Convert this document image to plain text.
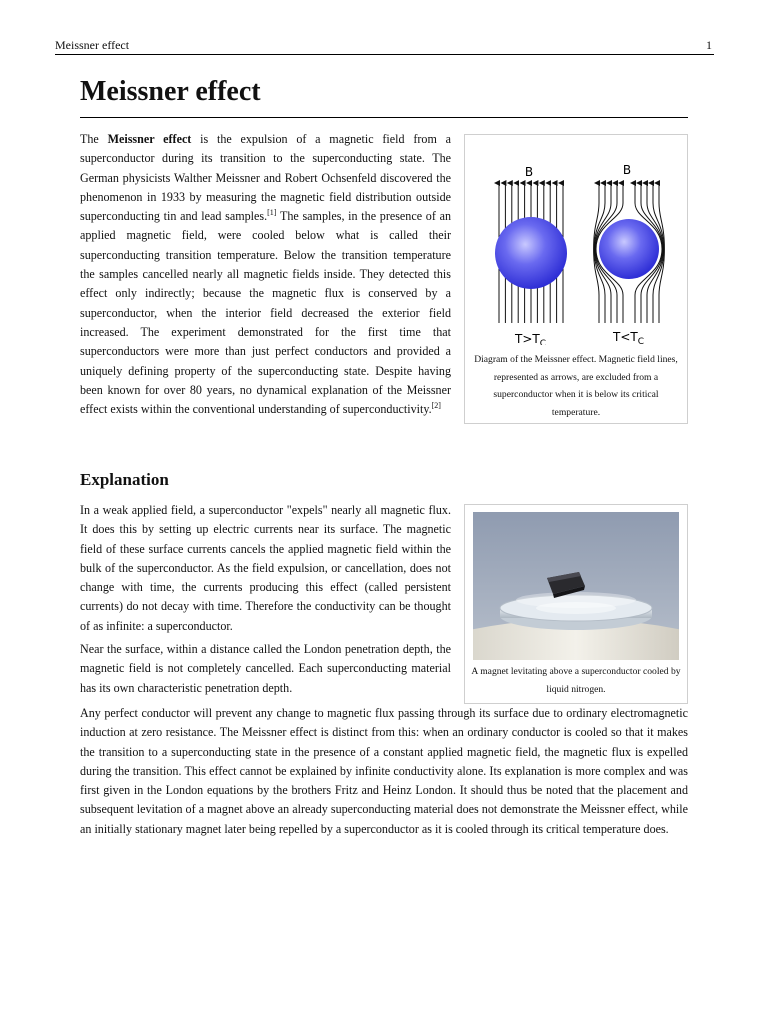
Meissner effect	1
Meissner effect

The Meissner effect is the expulsion of a magnetic field from a superconductor during its transition to the superconducting state. The German physicists Walther Meissner and Robert Ochsenfeld discovered the phenomenon in 1933 by measuring the magnetic field distribution outside superconducting tin and lead samples.[1] The samples, in the presence of an applied magnetic field, were cooled below what is called their superconducting transition temperature. Below the transition temperature the samples cancelled nearly all magnetic fields inside. They detected this effect only indirectly; because the magnetic flux is conserved by a superconductor, when the interior field decreased the exterior field increased. The experiment demonstrated for the first time that superconductors were more than just perfect conductors and provided a uniquely defining property of the superconducting state. Despite having been known for over 80 years, no dynamical explanation of the Meissner effect exists within the conventional understanding of superconductivity.[2]

B	B
$T>T_C$	$T<T_C$
Diagram of the Meissner effect. Magnetic field lines, represented as arrows, are excluded from a superconductor when it is below its critical temperature.
Explanation

In a weak applied field, a superconductor "expels" nearly all magnetic flux. It does this by setting up electric currents near its surface. The magnetic field of these surface currents cancels the applied magnetic field within the bulk of the superconductor. As the field expulsion, or cancellation, does not change with time, the currents producing this effect (called persistent currents) do not decay with time. Therefore the conductivity can be thought of as infinite: a superconductor.

Near the surface, within a distance called the London penetration depth, the magnetic field is not completely cancelled. Each superconducting material has its own characteristic penetration depth.

Any perfect conductor will prevent any change to magnetic flux passing through its surface due to ordinary electromagnetic induction at zero resistance. The Meissner effect is distinct from this: when an ordinary conductor is cooled so that it makes the transition to a superconducting state in the presence of a constant applied magnetic field, the magnetic flux is expelled during the transition. This effect cannot be explained by infinite conductivity alone. Its explanation is more complex and was first given in the London equations by the brothers Fritz and Heinz London. It should thus be noted that the placement and subsequent levitation of a magnet above an already superconducting material does not demonstrate the Meissner effect, while an initially stationary magnet later being repelled by a superconductor as it is cooled through its critical temperature does.

A magnet levitating above a superconductor cooled by liquid nitrogen.
